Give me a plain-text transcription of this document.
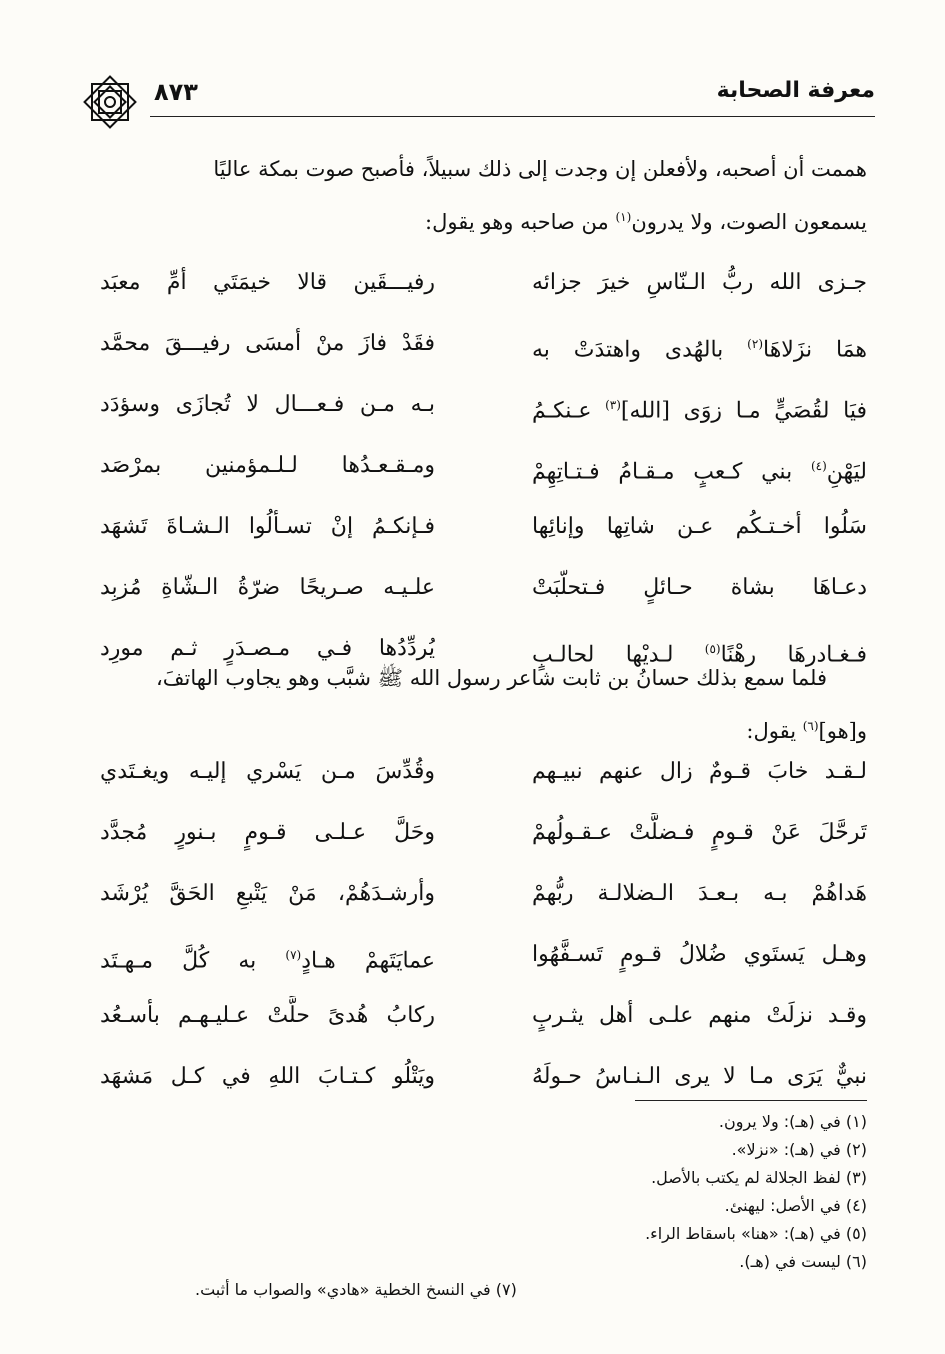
معرفة الصحابة
٨٧٣

هممت أن أصحبه، ولأفعلن إن وجدت إلى ذلك سبيلاً، فأصبح صوت بمكة عاليًا

يسمعون الصوت، ولا يدرون$^{(١)}$ من صاحبه وهو يقول:

جـزى الله ربُّ الـنّاسِ خيرَ جزائه
رفيـــقَين قالا خيمَتَي أمِّ معبَد
همَا نزَلاهَا$^{(٢)}$ بالهُدى واهتدَتْ به
فقَدْ فازَ منْ أمسَى رفيـــقَ محمَّد
فيَا لقُصَيٍّ مـا زوَى [الله]$^{(٣)}$ عـنكـمُ
بـه مـن فـعـــال لا تُجازَى وسؤدَد
ليَهْنِ$^{(٤)}$ بني كـعبٍ مـقـامُ فـتـاتِهِمْ
ومـقـعـدُها لـلـمؤمنين بمرْصَد
سَلُوا أخـتـكُم عـن شاتِها وإنائِها
فـإنكـمُ إنْ تسـألُوا الـشـاةَ تَشهَد
دعـاهَا بشاة حـائلٍ فـتحلّبَتْ
علـيـه صـريحًا ضرّةُ الـشّاةِ مُزبِد
فـغـادرهَا رهْنًا$^{(٥)}$ لـديْها لحالـبٍ
يُردِّدُها فـي مـصـدَرٍ ثـم مورِد

فلما سمع بذلك حسانُ بن ثابت شاعر رسول الله ﷺ شبَّب وهو يجاوب الهاتفَ،

و[هو]$^{(٦)}$ يقول:

لـقـد خابَ قـومٌ زال عنهم نبيـهم
وقُدِّسَ مـن يَسْري إليـه ويغـتَدي
تَرحَّلَ عَنْ قـومٍ فـضلَّتْ عـقـولُهمْ
وحَلَّ عـلـى قـومٍ بـنورٍ مُجدَّد
هَداهُمْ بـه بـعـدَ الـضلالـة ربُّهمْ
وأرشـدَهُمْ، مَنْ يَتْبعِ الحَقَّ يُرْشَد
وهـل يَستَوي ضُلالُ قـومٍ تَسـفَّهُوا
عمايَتَهمْ هـادٍ$^{(٧)}$ به كُلَّ مـهـتَد
وقـد نزلَتْ منهم علـى أهل يثـربٍ
ركابُ هُدىً حلَّتْ عـليـهـم بأسـعُد
نبيٌّ يَرَى مـا لا يرى الـنـاسُ حـولَهُ
ويَتْلُو كـتـابَ اللهِ في كـل مَشهَد
(١) في (هـ): ولا يرون.
(٢) في (هـ): «نزلا».
(٣) لفظ الجلالة لم يكتب بالأصل.
(٤) في الأصل: ليهنئ.
(٥) في (هـ): «هنا» باسقاط الراء.
(٦) ليست في (هـ).
(٧) في النسخ الخطية «هادي» والصواب ما أثبت.
